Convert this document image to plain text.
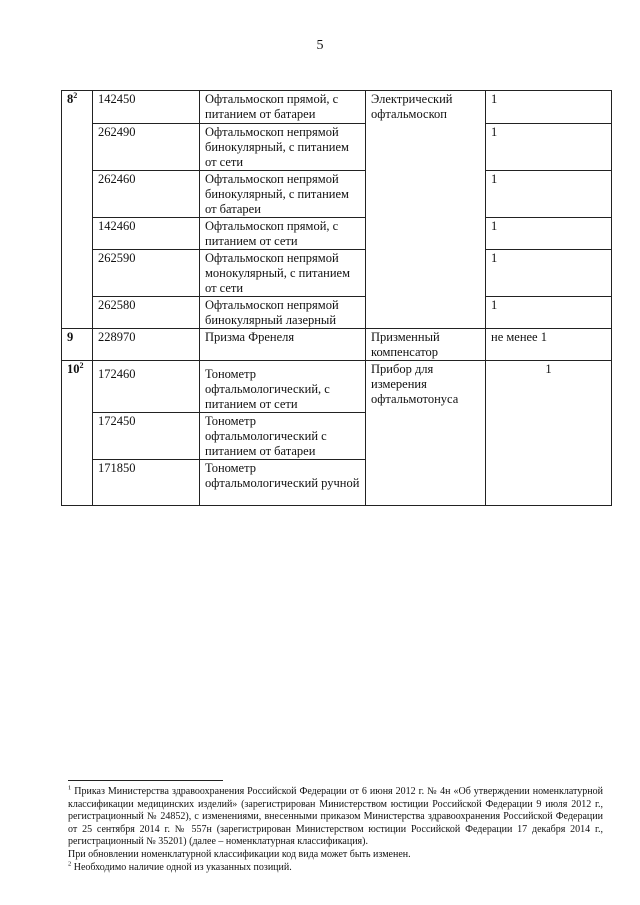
5
$8^2$	142450	Офтальмоскоп прямой, с питанием от батареи	Электрический офтальмоскоп	1
	262490	Офтальмоскоп непрямой бинокулярный, с питанием от сети		1
	262460	Офтальмоскоп непрямой бинокулярный, с питанием от батареи		1
	142460	Офтальмоскоп прямой, с питанием от сети		1
	262590	Офтальмоскоп непрямой монокулярный, с питанием от сети		1
	262580	Офтальмоскоп непрямой бинокулярный лазерный		1
9	228970	Призма Френеля	Призменный компенсатор	не менее 1
$10^2$	172460	Тонометр офтальмологический, с питанием от сети	Прибор для измерения офтальмотонуса	1
	172450	Тонометр офтальмологический с питанием от батареи		
	171850	Тонометр офтальмологический ручной		

$^1$ Приказ Министерства здравоохранения Российской Федерации от 6 июня 2012 г. № 4н «Об утверждении номенклатурной классификации медицинских изделий» (зарегистрирован Министерством юстиции Российской Федерации 9 июля 2012 г., регистрационный № 24852), с изменениями, внесенными приказом Министерства здравоохранения Российской Федерации от 25 сентября 2014 г. № 557н (зарегистрирован Министерством юстиции Российской Федерации 17 декабря 2014 г., регистрационный № 35201) (далее – номенклатурная классификация).

При обновлении номенклатурной классификации код вида может быть изменен.

$^2$ Необходимо наличие одной из указанных позиций.
